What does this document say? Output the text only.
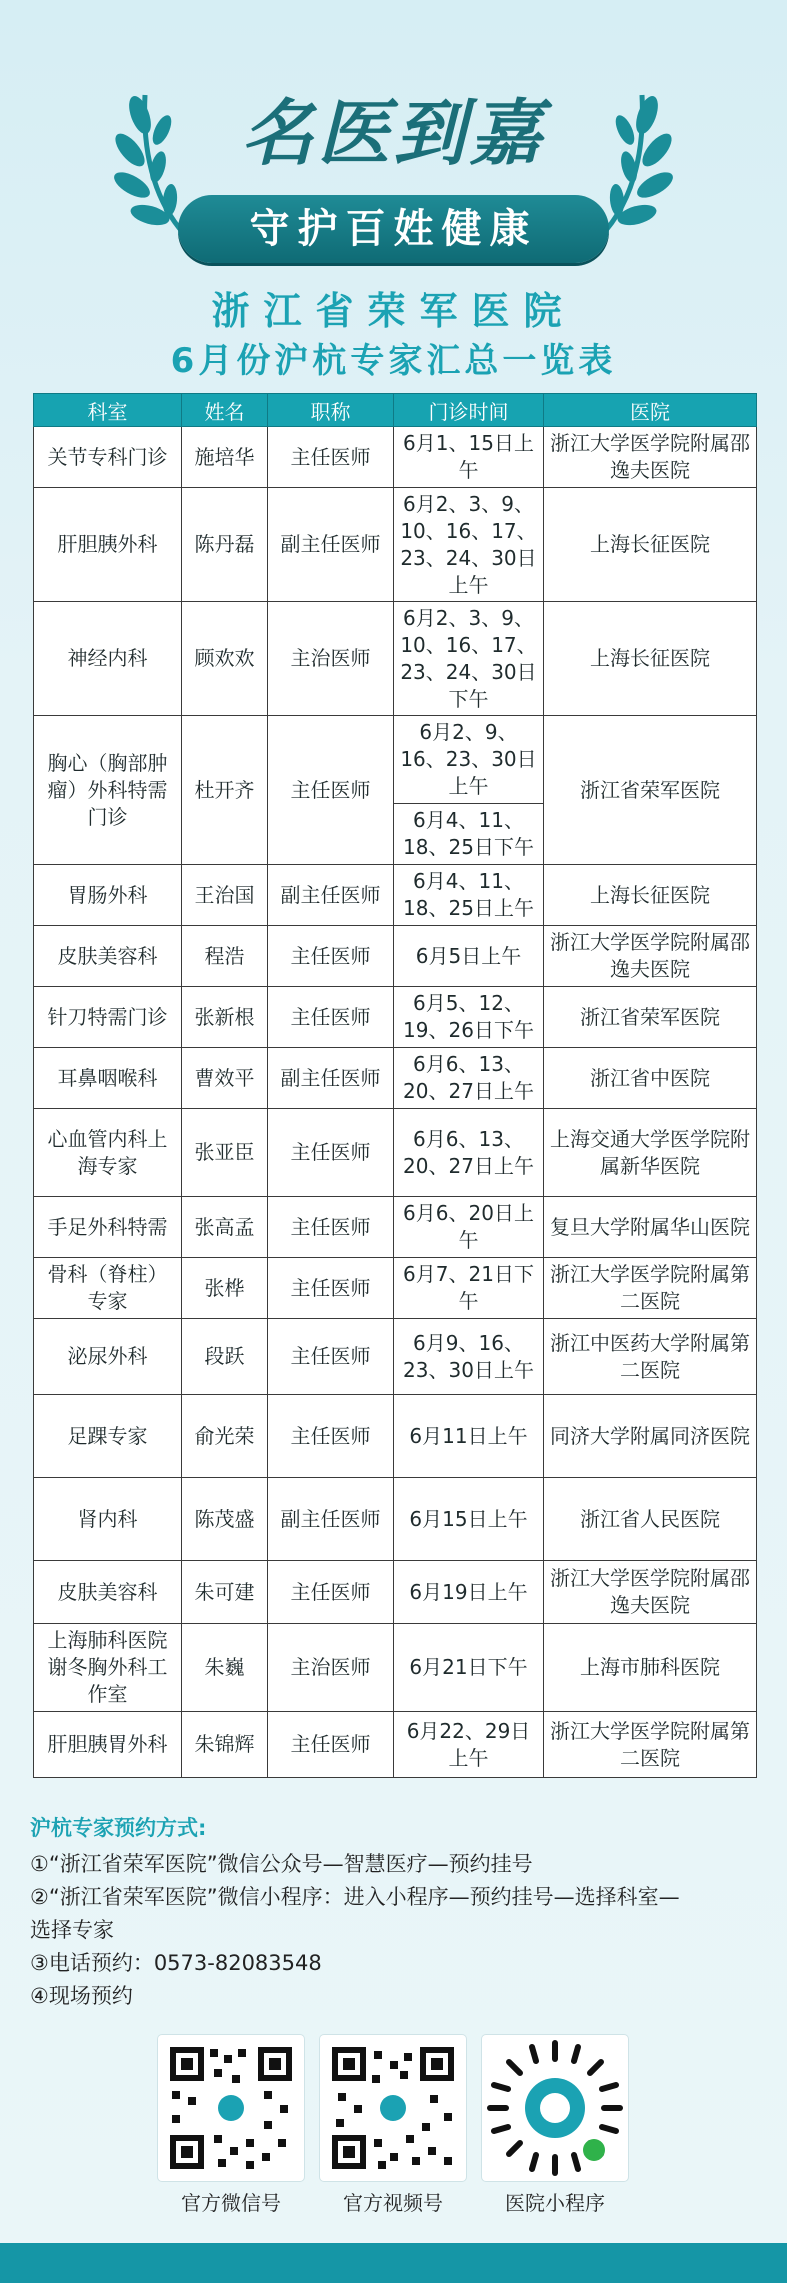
名医到嘉
守护百姓健康
浙江省荣军医院
6月份沪杭专家汇总一览表
科室	姓名	职称	门诊时间	医院
关节专科门诊	施培华	主任医师	6月1、15日上午	浙江大学医学院附属邵逸夫医院
肝胆胰外科	陈丹磊	副主任医师	6月2、3、9、10、16、17、23、24、30日上午	上海长征医院
神经内科	顾欢欢	主治医师	6月2、3、9、10、16、17、23、24、30日下午	上海长征医院
胸心（胸部肿瘤）外科特需门诊	杜开齐	主任医师	6月2、9、16、23、30日上午	浙江省荣军医院
			6月4、11、18、25日下午	
胃肠外科	王治国	副主任医师	6月4、11、18、25日上午	上海长征医院
皮肤美容科	程浩	主任医师	6月5日上午	浙江大学医学院附属邵逸夫医院
针刀特需门诊	张新根	主任医师	6月5、12、19、26日下午	浙江省荣军医院
耳鼻咽喉科	曹效平	副主任医师	6月6、13、20、27日上午	浙江省中医院
心血管内科上海专家	张亚臣	主任医师	6月6、13、20、27日上午	上海交通大学医学院附属新华医院
手足外科特需	张高孟	主任医师	6月6、20日上午	复旦大学附属华山医院
骨科（脊柱）专家	张桦	主任医师	6月7、21日下午	浙江大学医学院附属第二医院
泌尿外科	段跃	主任医师	6月9、16、23、30日上午	浙江中医药大学附属第二医院
足踝专家	俞光荣	主任医师	6月11日上午	同济大学附属同济医院
肾内科	陈茂盛	副主任医师	6月15日上午	浙江省人民医院
皮肤美容科	朱可建	主任医师	6月19日上午	浙江大学医学院附属邵逸夫医院
上海肺科医院谢冬胸外科工作室	朱巍	主治医师	6月21日下午	上海市肺科医院
肝胆胰胃外科	朱锦辉	主任医师	6月22、29日上午	浙江大学医学院附属第二医院
沪杭专家预约方式:
①“浙江省荣军医院”微信公众号—智慧医疗—预约挂号
②“浙江省荣军医院”微信小程序：进入小程序—预约挂号—选择科室—
选择专家
③电话预约：0573-82083548
④现场预约
官方微信号	官方视频号	医院小程序
